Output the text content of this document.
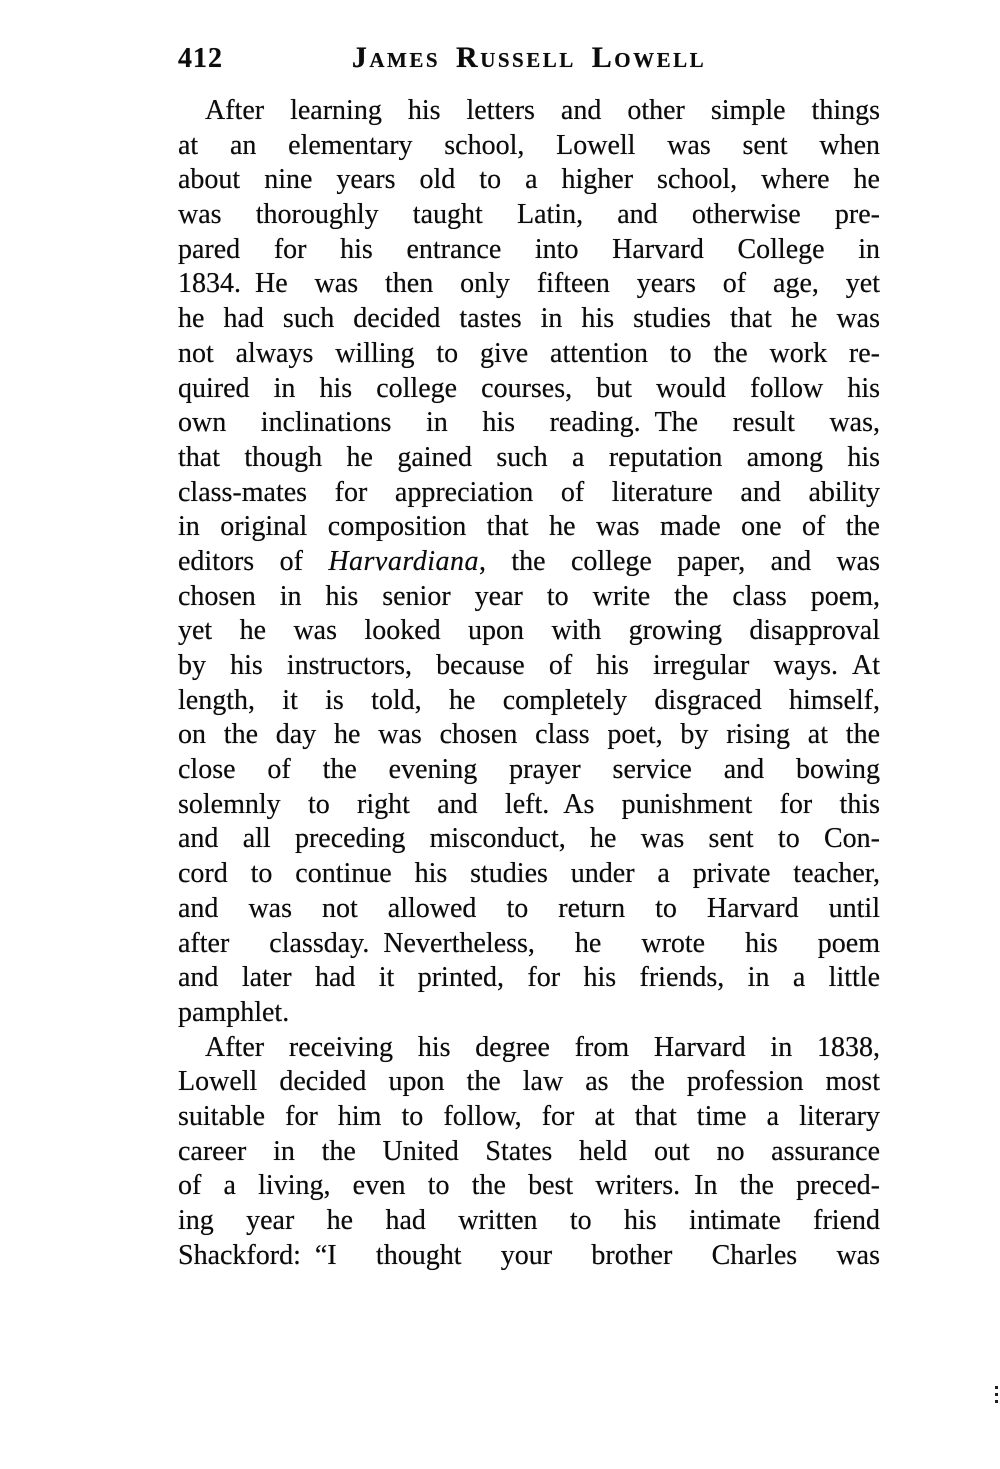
412	James Russell Lowell
After learning his letters and other simple things
at an elementary school, Lowell was sent when
about nine years old to a higher school, where he
was thoroughly taught Latin, and otherwise pre-
pared for his entrance into Harvard College in
1834. He was then only fifteen years of age, yet
he had such decided tastes in his studies that he was
not always willing to give attention to the work re-
quired in his college courses, but would follow his
own inclinations in his reading. The result was,
that though he gained such a reputation among his
class-mates for appreciation of literature and ability
in original composition that he was made one of the
editors of Harvardiana, the college paper, and was
chosen in his senior year to write the class poem,
yet he was looked upon with growing disapproval
by his instructors, because of his irregular ways. At
length, it is told, he completely disgraced himself,
on the day he was chosen class poet, by rising at the
close of the evening prayer service and bowing
solemnly to right and left. As punishment for this
and all preceding misconduct, he was sent to Con-
cord to continue his studies under a private teacher,
and was not allowed to return to Harvard until
after classday. Nevertheless, he wrote his poem
and later had it printed, for his friends, in a little
pamphlet.
After receiving his degree from Harvard in 1838,
Lowell decided upon the law as the profession most
suitable for him to follow, for at that time a literary
career in the United States held out no assurance
of a living, even to the best writers. In the preced-
ing year he had written to his intimate friend
Shackford: “I thought your brother Charles was
